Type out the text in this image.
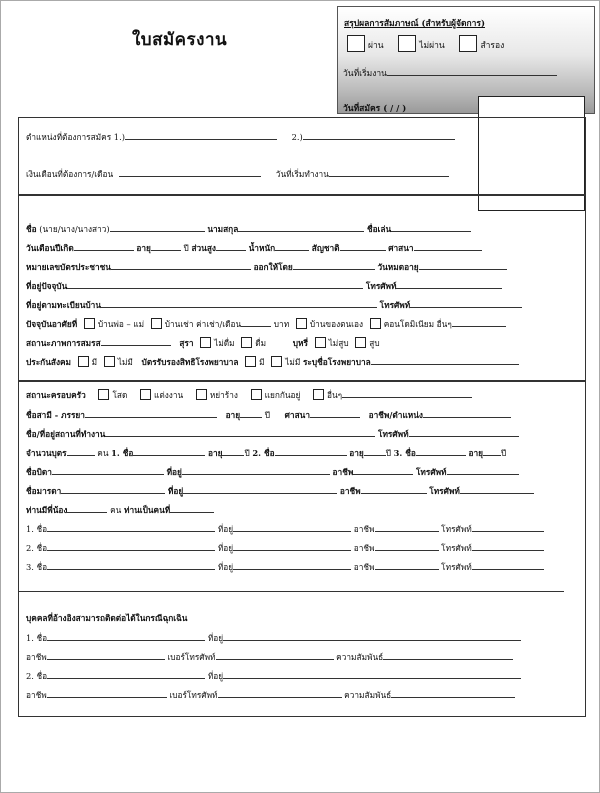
ใบสมัครงาน
สรุปผลการสัมภาษณ์ (สำหรับผู้จัดการ)
ผ่าน	ไม่ผ่าน	สำรอง
วันที่เริ่มงาน
วันที่สมัคร ( / / )
ตำแหน่งที่ต้องการสมัคร 1.)	2.)
เงินเดือนที่ต้องการ/เดือน	วันที่เริ่มทำงาน
ชื่อ (นาย/นาง/นางสาว)	นามสกุล	ชื่อเล่น
วันเดือนปีเกิด	อายุ	ปี ส่วนสูง	น้ำหนัก	สัญชาติ	ศาสนา
หมายเลขบัตรประชาชน	ออกให้โดย	วันหมดอายุ
ที่อยู่ปัจจุบัน	โทรศัพท์
ที่อยู่ตามทะเบียนบ้าน	โทรศัพท์
ปัจจุบันอาศัยที่ บ้านพ่อ – แม่ บ้านเช่า ค่าเช่า/เดือน	บาท บ้านของตนเอง คอนโดมิเนียม อื่นๆ
สถานะภาพการสมรส	สุรา ไม่ดื่ม ดื่ม	บุหรี่ ไม่สูบ สูบ
ประกันสังคม มี ไม่มี บัตรรับรองสิทธิโรงพยาบาล มี ไม่มี ระบุชื่อโรงพยาบาล
สถานะครอบครัว	โสด	แต่งงาน	หย่าร้าง	แยกกันอยู่	อื่นๆ
ชื่อสามี - ภรรยา	อายุ	ปี ศาสนา	อาชีพ/ตำแหน่ง
ชื่อ/ที่อยู่สถานที่ทำงาน	โทรศัพท์
จำนวนบุตร	คน 1. ชื่อ	อายุ	ปี 2. ชื่อ	อายุ	ปี 3. ชื่อ	อายุ ปี
ชื่อบิดา	ที่อยู่	อาชีพ	โทรศัพท์
ชื่อมารดา	ที่อยู่	อาชีพ	โทรศัพท์
ท่านมีพี่น้อง	คน ท่านเป็นคนที่
1. ชื่อ	ที่อยู่	อาชีพ	โทรศัพท์
2. ชื่อ	ที่อยู่	อาชีพ	โทรศัพท์
3. ชื่อ	ที่อยู่	อาชีพ	โทรศัพท์
บุคคลที่อ้างอิงสามารถติดต่อได้ในกรณีฉุกเฉิน
1. ชื่อ	ที่อยู่
อาชีพ	เบอร์โทรศัพท์	ความสัมพันธ์
2. ชื่อ	ที่อยู่
อาชีพ	เบอร์โทรศัพท์	ความสัมพันธ์
